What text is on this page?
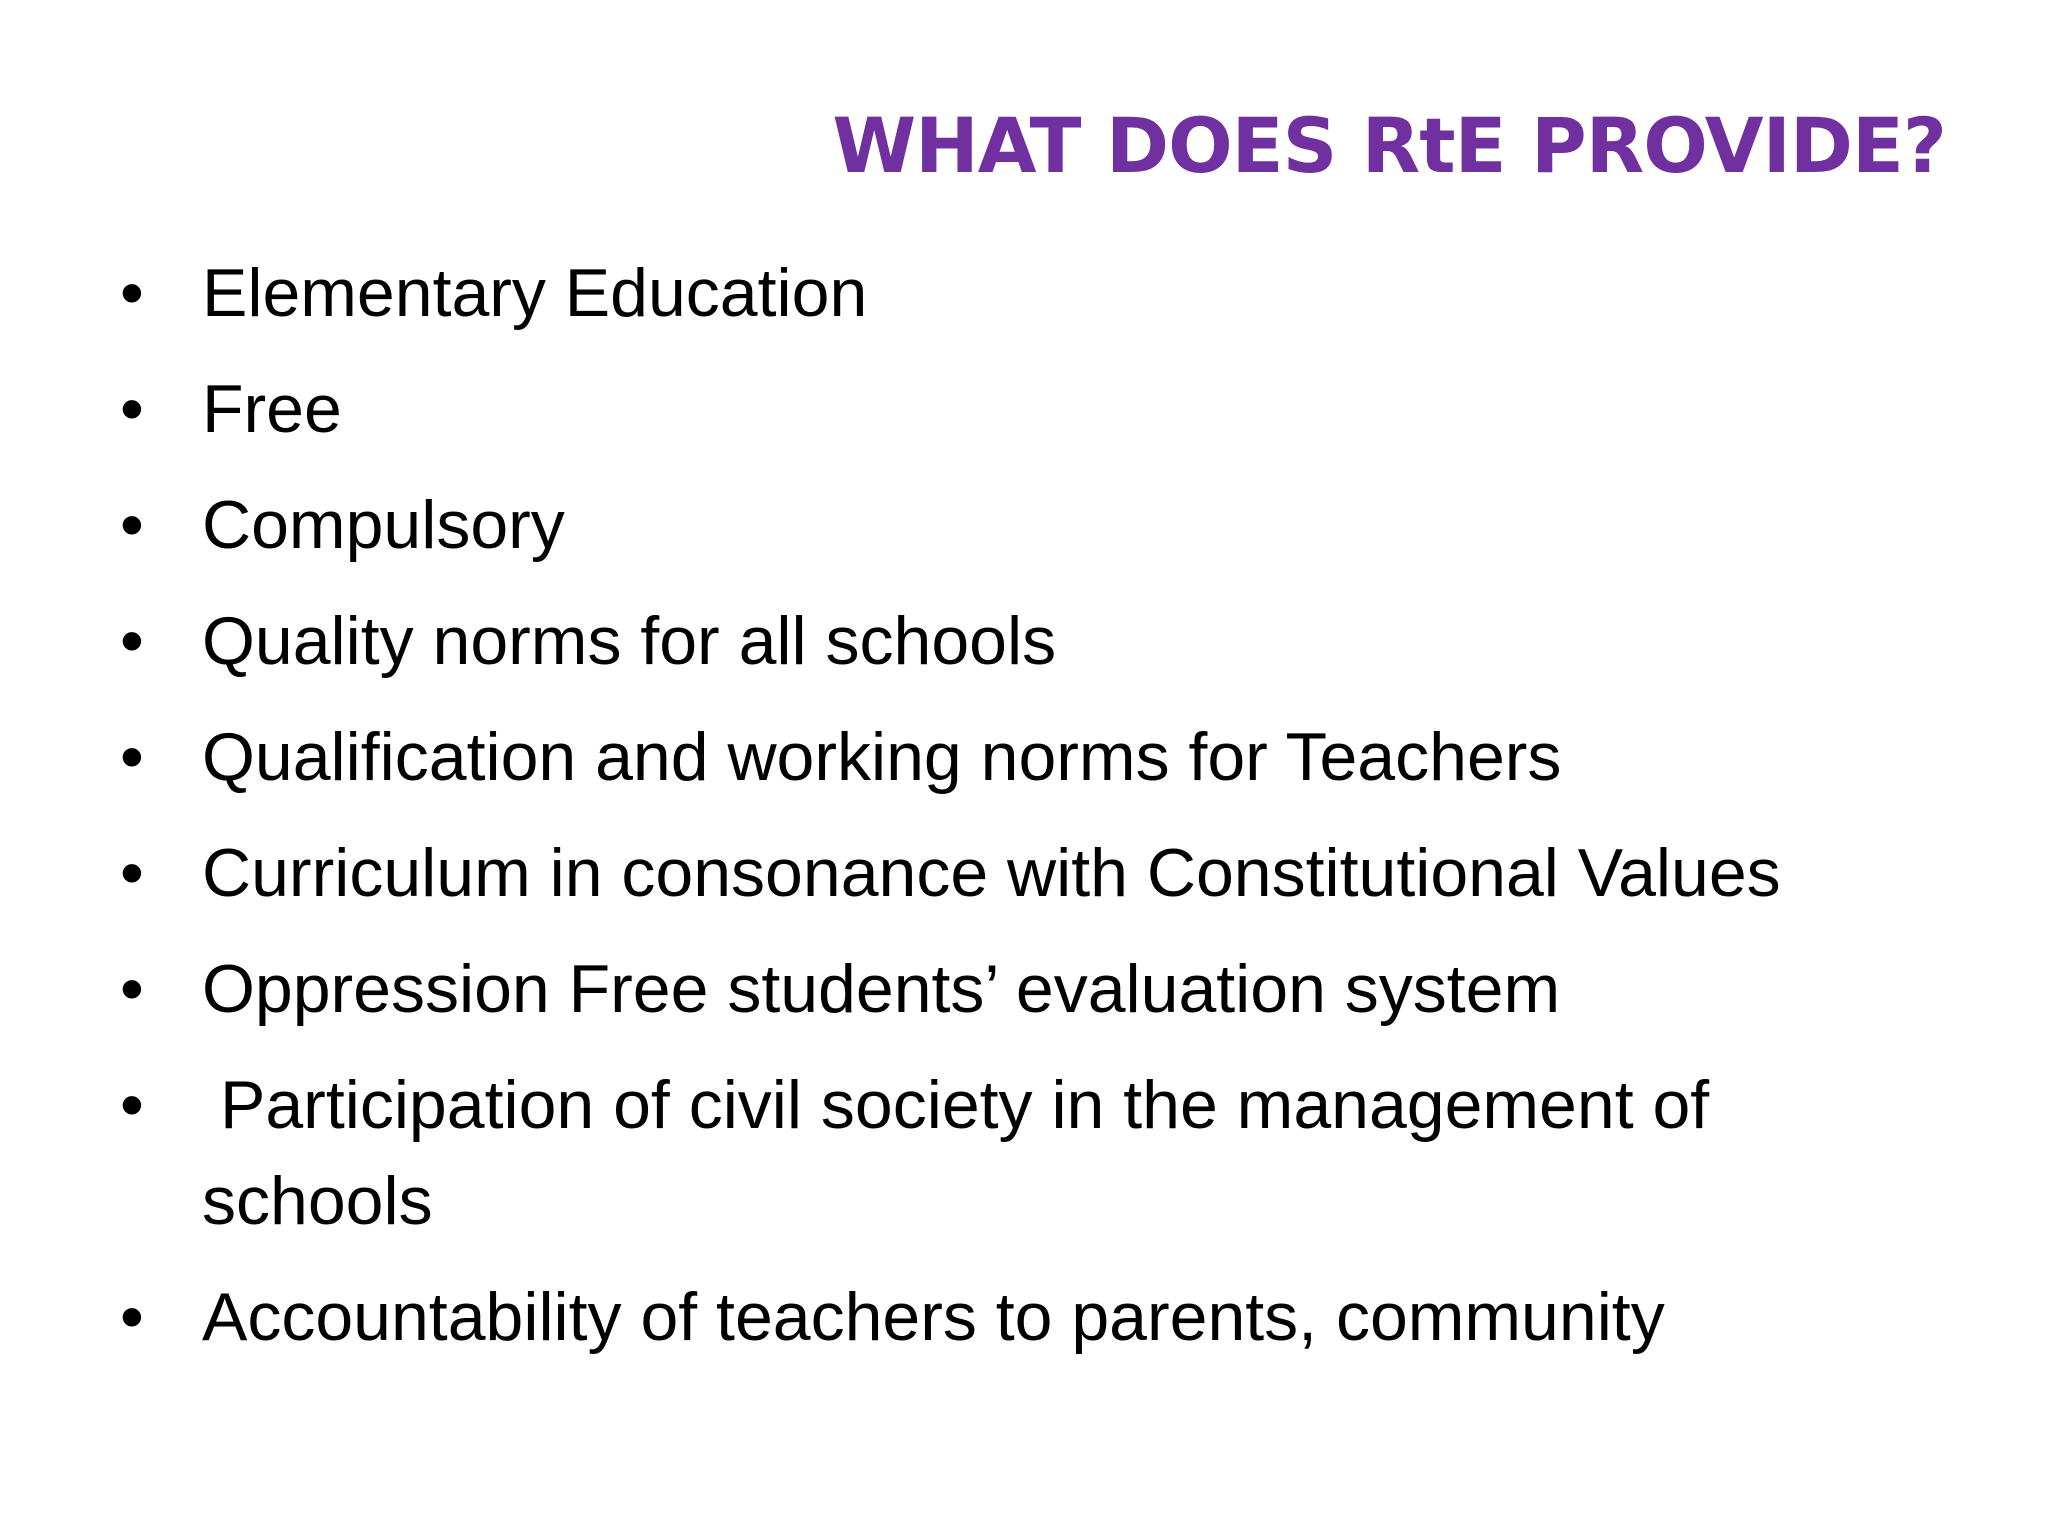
WHAT DOES RtE PROVIDE?
• Elementary Education
• Free
• Compulsory
• Quality norms for all schools
• Qualification and working norms for Teachers
• Curriculum in consonance with Constitutional Values
• Oppression Free students’ evaluation system
• Participation of civil society in the management of schools
• Accountability of teachers to parents, community
